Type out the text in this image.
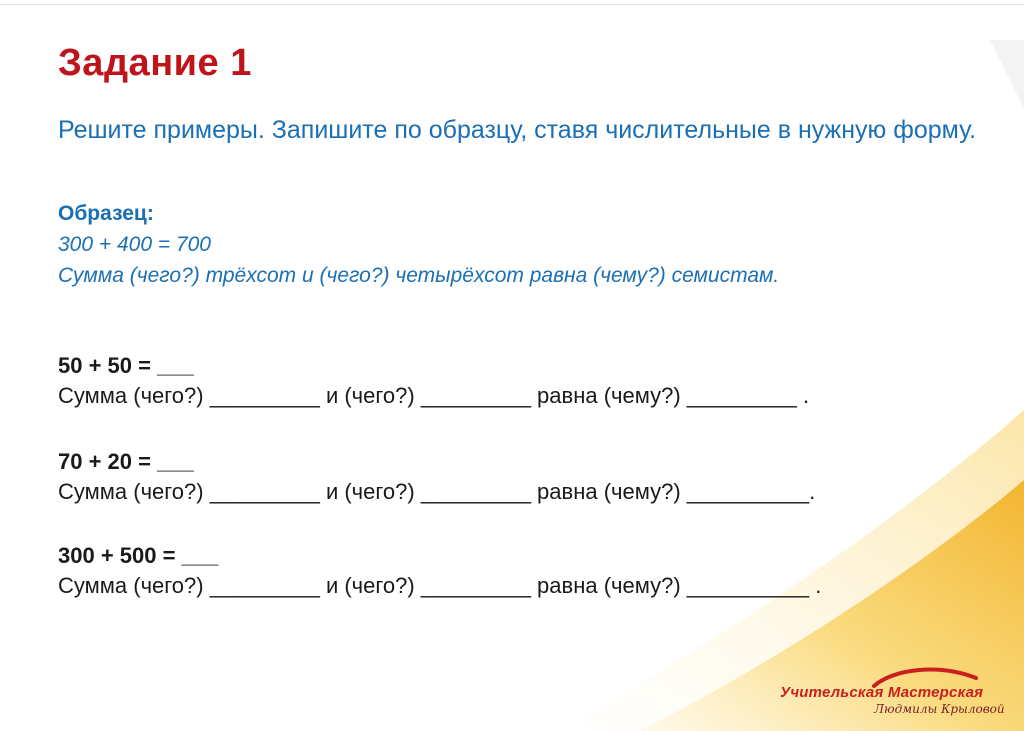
Задание 1
Решите примеры. Запишите по образцу, ставя числительные в нужную форму.
Образец:
300 + 400 = 700
Сумма (чего?) трёхсот и (чего?) четырёхсот равна (чему?) семистам.
50 + 50 = ___
Сумма (чего?) _________ и (чего?) _________ равна (чему?) _________ .
70 + 20 = ___
Сумма (чего?) _________ и (чего?) _________ равна (чему?) __________.
300 + 500 = ___
Сумма (чего?) _________ и (чего?) _________ равна (чему?) __________ .
Учительская Мастерская
Людмилы Крыловой
